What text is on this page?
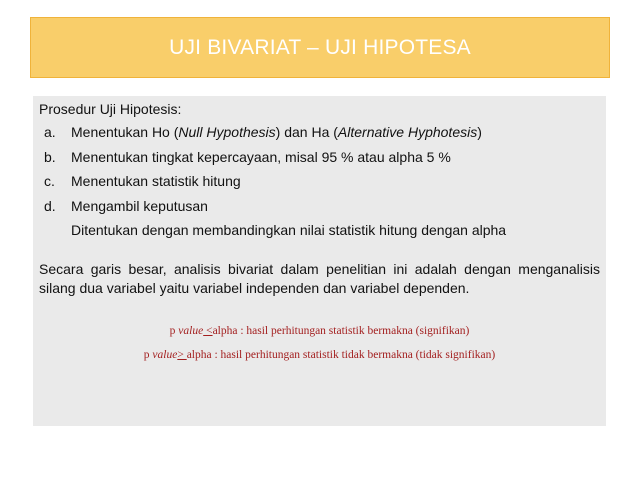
UJI BIVARIAT – UJI HIPOTESA

Prosedur Uji Hipotesis:

a.	Menentukan Ho (Null Hypothesis) dan Ha (Alternative Hyphotesis)
b.	Menentukan tingkat kepercayaan, misal 95 % atau alpha 5 %
c.	Menentukan statistik hitung
d.	Mengambil keputusan
Ditentukan dengan membandingkan nilai statistik hitung dengan alpha
Secara garis besar, analisis bivariat dalam penelitian ini adalah dengan menganalisis silang dua variabel yaitu variabel independen dan variabel dependen.
p value <alpha : hasil perhitungan statistik bermakna (signifikan)
p value> alpha : hasil perhitungan statistik tidak bermakna (tidak signifikan)
